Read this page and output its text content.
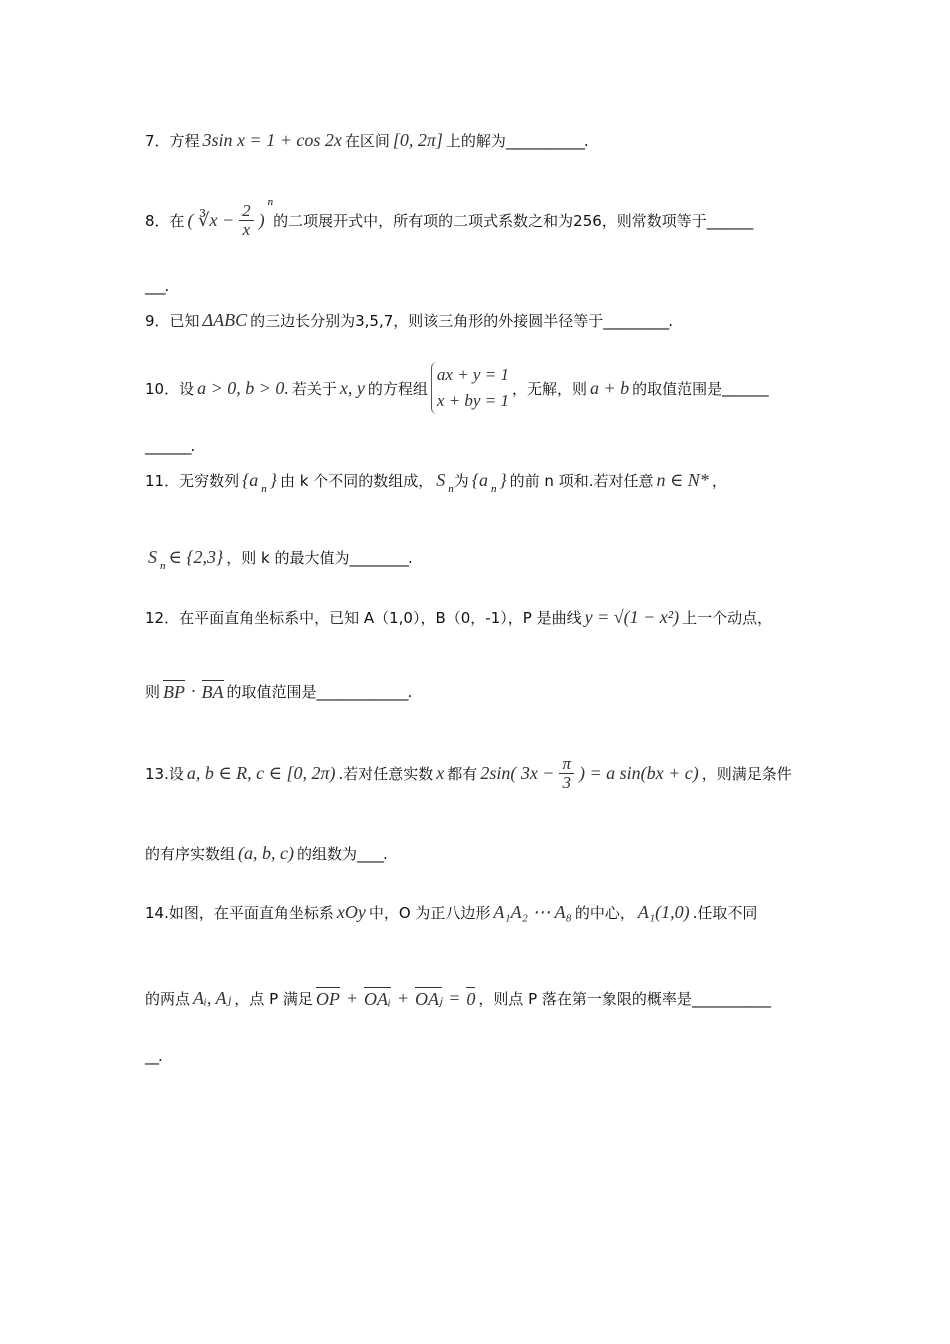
7．方程 3sin x = 1 + cos 2x 在区间 [0, 2π] 上的解为 ____________ .
8．在 ( ∛x − $\frac{2}{x}$ )
n
的二项展开式中，所有项的二项式系数之和为256，则常数项等于 _______
___.
9．已知 ΔABC 的三边长分别为3,5,7，则该三角形的外接圆半径等于 __________ .
10．设 a > 0, b > 0. 若关于 x, y 的方程组
ax + y = 1
x + by = 1
，无解，则 a + b 的取值范围是 _______
_______.
11．无穷数列 {a n } 由 k 个不同的数组成， S n 为 {a n } 的前 n 项和.若对任意 n ∈ N* ，
S n ∈ {2,3} ，则 k 的最大值为 _________ .
12．在平面直角坐标系中，已知 A（1,0），B（0，-1），P 是曲线 y = √(1 − x²) 上一个动点，
则 BP · BA 的取值范围是 ______________ .
13.设 a, b ∈ R, c ∈ [0, 2π) .若对任意实数 x 都有 2sin( $3x - \frac{\pi}{3}$ ) = a sin(bx + c) ，则满足条件
的有序实数组 (a, b, c) 的组数为 ____ .
14.如图，在平面直角坐标系 xOy 中，O 为正八边形 A₁A₂ ⋯ A₈ 的中心， A₁(1,0) .任取不同
的两点 Aᵢ, Aⱼ ，点 P 满足 OP + OAᵢ + OAⱼ = 0 ，则点 P 落在第一象限的概率是 ____________
__.
